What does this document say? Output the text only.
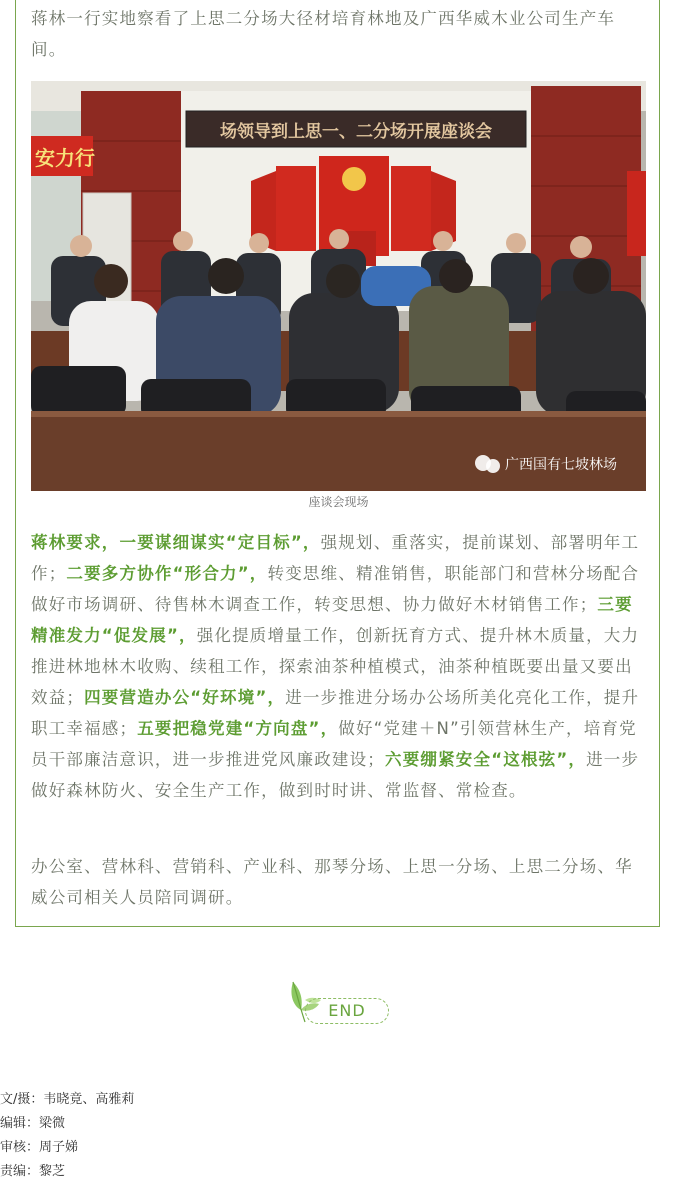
蒋林一行实地察看了上思二分场大径材培育林地及广西华威木业公司生产车间。

安力行
场领导到上思一、二分场开展座谈会
广西国有七坡林场
座谈会现场

蒋林要求，一要谋细谋实“定目标”，强规划、重落实，提前谋划、部署明年工作；二要多方协作“形合力”，转变思维、精准销售，职能部门和营林分场配合做好市场调研、待售林木调查工作，转变思想、协力做好木材销售工作；三要精准发力“促发展”，强化提质增量工作，创新抚育方式、提升林木质量，大力推进林地林木收购、续租工作，探索油茶种植模式，油茶种植既要出量又要出效益；四要营造办公“好环境”，进一步推进分场办公场所美化亮化工作，提升职工幸福感；五要把稳党建“方向盘”，做好“党建＋N”引领营林生产，培育党员干部廉洁意识，进一步推进党风廉政建设；六要绷紧安全“这根弦”，进一步做好森林防火、安全生产工作，做到时时讲、常监督、常检查。

办公室、营林科、营销科、产业科、那琴分场、上思一分场、上思二分场、华威公司相关人员陪同调研。

END
文/摄：韦晓竟、高雅莉
编辑：梁微
审核：周子娣
责编：黎芝
